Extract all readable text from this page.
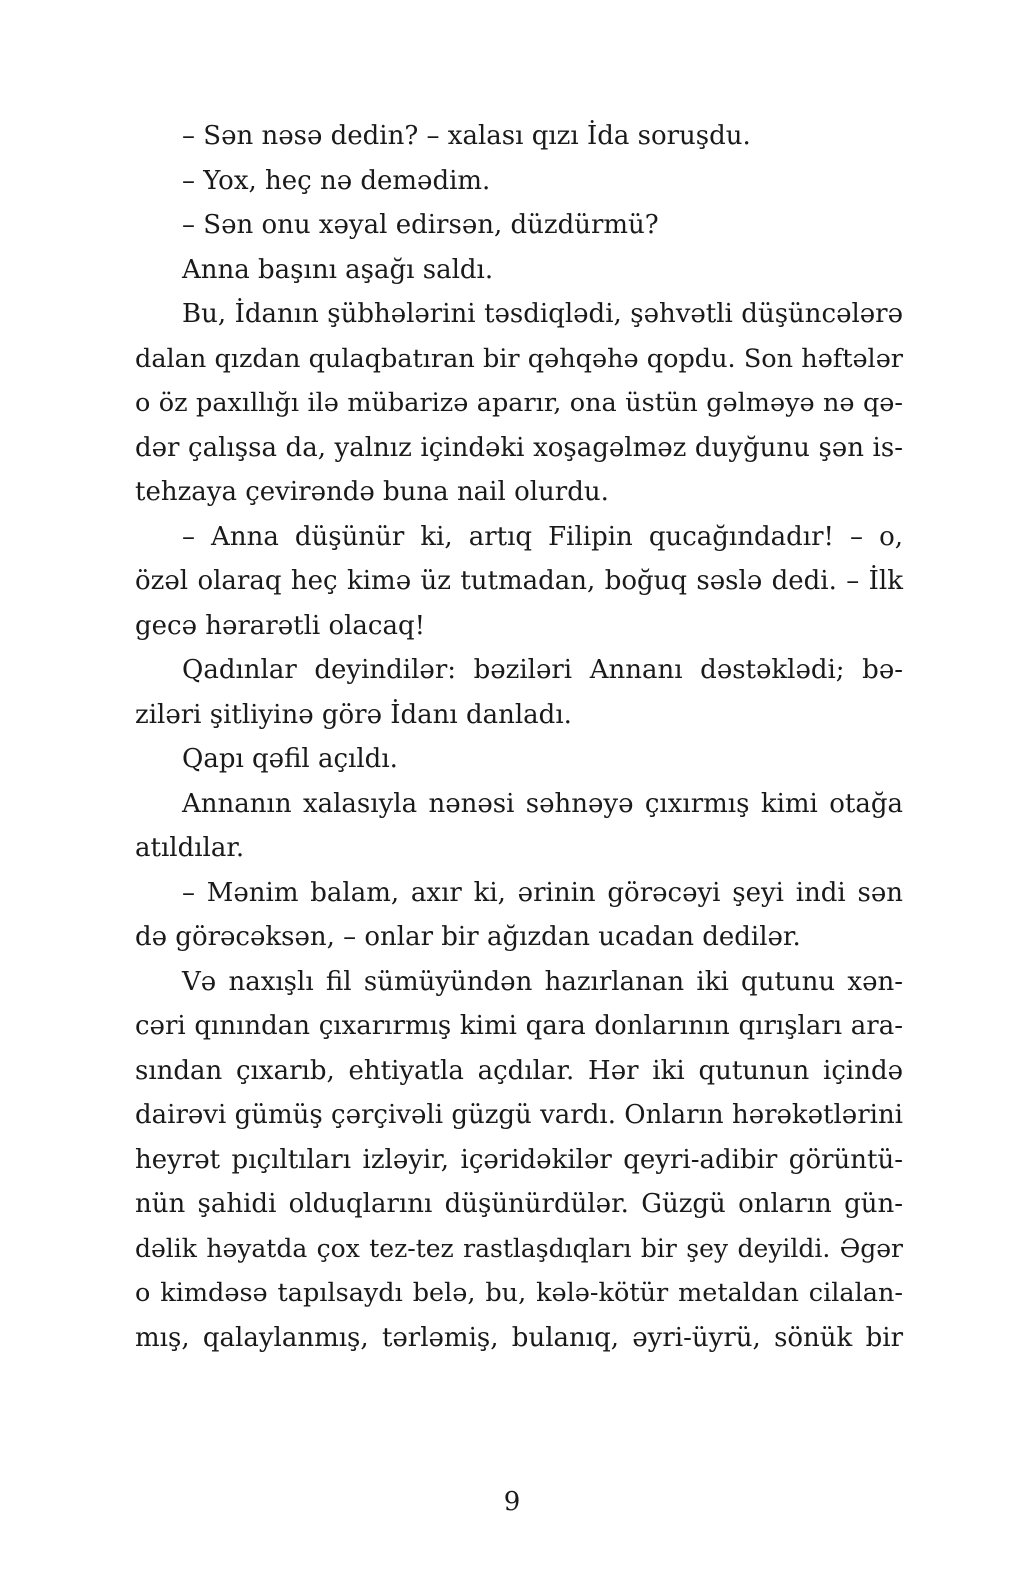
– Sən nəsə dedin? – xalası qızı İda soruşdu.
– Yox, heç nə demədim.
– Sən onu xəyal edirsən, düzdürmü?
Anna başını aşağı saldı.
Bu, İdanın şübhələrini təsdiqlədi, şəhvətli düşüncələrə
dalan qızdan qulaqbatıran bir qəhqəhə qopdu. Son həftələr
o öz paxıllığı ilə mübarizə aparır, ona üstün gəlməyə nə qə-
dər çalışsa da, yalnız içindəki xoşagəlməz duyğunu şən is-
tehzaya çevirəndə buna nail olurdu.
– Anna düşünür ki, artıq Filipin qucağındadır! – o,
özəl olaraq heç kimə üz tutmadan, boğuq səslə dedi. – İlk
gecə hərarətli olacaq!
Qadınlar deyindilər: bəziləri Annanı dəstəklədi; bə-
ziləri şitliyinə görə İdanı danladı.
Qapı qəfil açıldı.
Annanın xalasıyla nənəsi səhnəyə çıxırmış kimi otağa
atıldılar.
– Mənim balam, axır ki, ərinin görəcəyi şeyi indi sən
də görəcəksən, – onlar bir ağızdan ucadan dedilər.
Və naxışlı fil sümüyündən hazırlanan iki qutunu xən-
cəri qınından çıxarırmış kimi qara donlarının qırışları ara-
sından çıxarıb, ehtiyatla açdılar. Hər iki qutunun içində
dairəvi gümüş çərçivəli güzgü vardı. Onların hərəkətlərini
heyrət pıçıltıları izləyir, içəridəkilər qeyri-adibir görüntü-
nün şahidi olduqlarını düşünürdülər. Güzgü onların gün-
dəlik həyatda çox tez-tez rastlaşdıqları bir şey deyildi. Əgər
o kimdəsə tapılsaydı belə, bu, kələ-kötür metaldan cilalan-
mış, qalaylanmış, tərləmiş, bulanıq, əyri-üyrü, sönük bir
9
